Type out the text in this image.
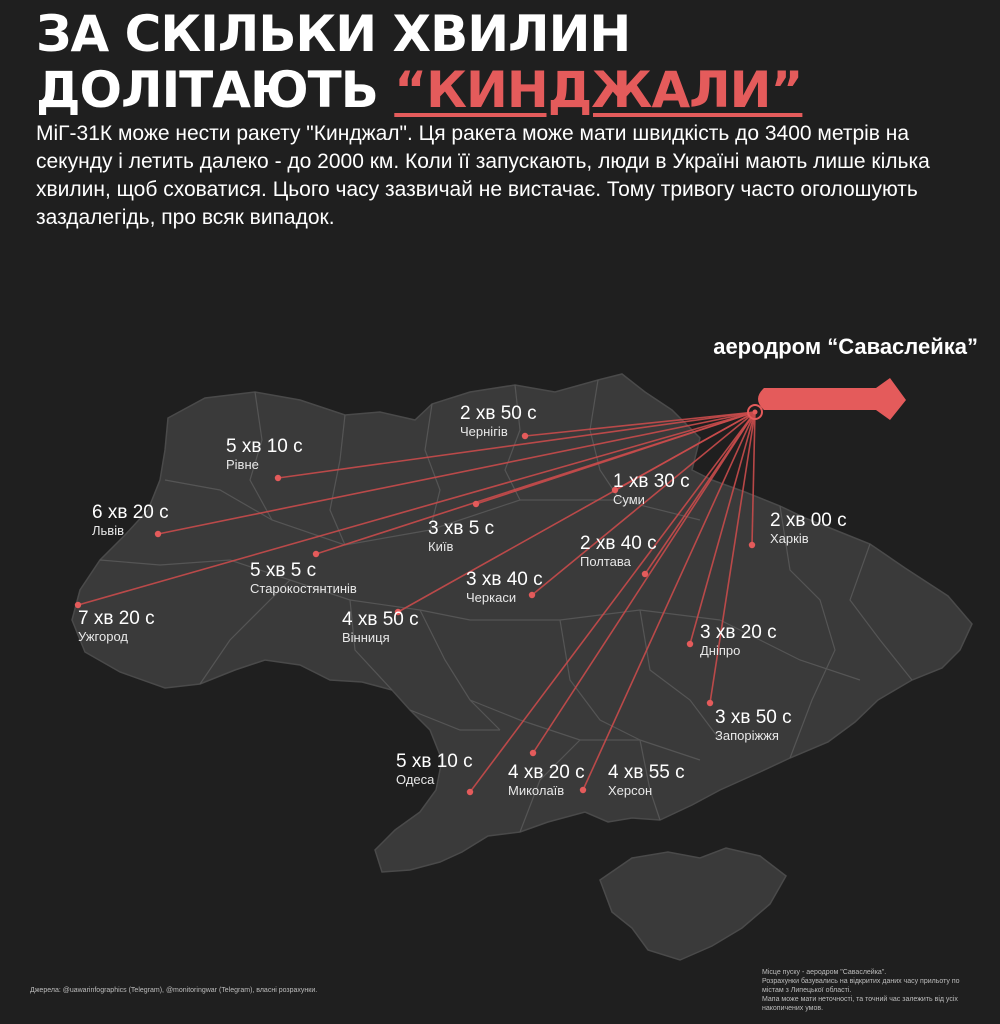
ЗА СКІЛЬКИ ХВИЛИН
ДОЛІТАЮТЬ “КИНДЖАЛИ”

МіГ-31К може нести ракету "Кинджал". Ця ракета може мати швидкість до 3400 метрів на секунду і летить далеко - до 2000 км. Коли її запускають, люди в Україні мають лише кілька хвилин, щоб сховатися. Цього часу зазвичай не вистачає. Тому тривогу часто оголошують заздалегідь, про всяк випадок.

аеродром “Саваслейка”
2 хв 50 с
Чернігів
5 хв 10 с
Рівне
1 хв 30 с
Суми
6 хв 20 с
Львів	3 хв 5 с
Київ	2 хв 40 с
Полтава
2 хв 00 с
Харків
5 хв 5 с
Старокостянтинів	3 хв 40 с
Черкаси
7 хв 20 с
Ужгород
4 хв 50 с
Вінниця	3 хв 20 с
Дніпро
3 хв 50 с
Запоріжжя
5 хв 10 с
Одеса	4 хв 20 с
Миколаїв
4 хв 55 с
Херсон
Джерела: @uawarinfographics (Telegram), @monitoringwar (Telegram), власні розрахунки.
Місце пуску - аеродром "Саваслейка".
Розрахунки базувались на відкритих даних часу прильоту по містам з Липецької області.
Мапа може мати неточності, та точний час залежить від усіх накопичених умов.
